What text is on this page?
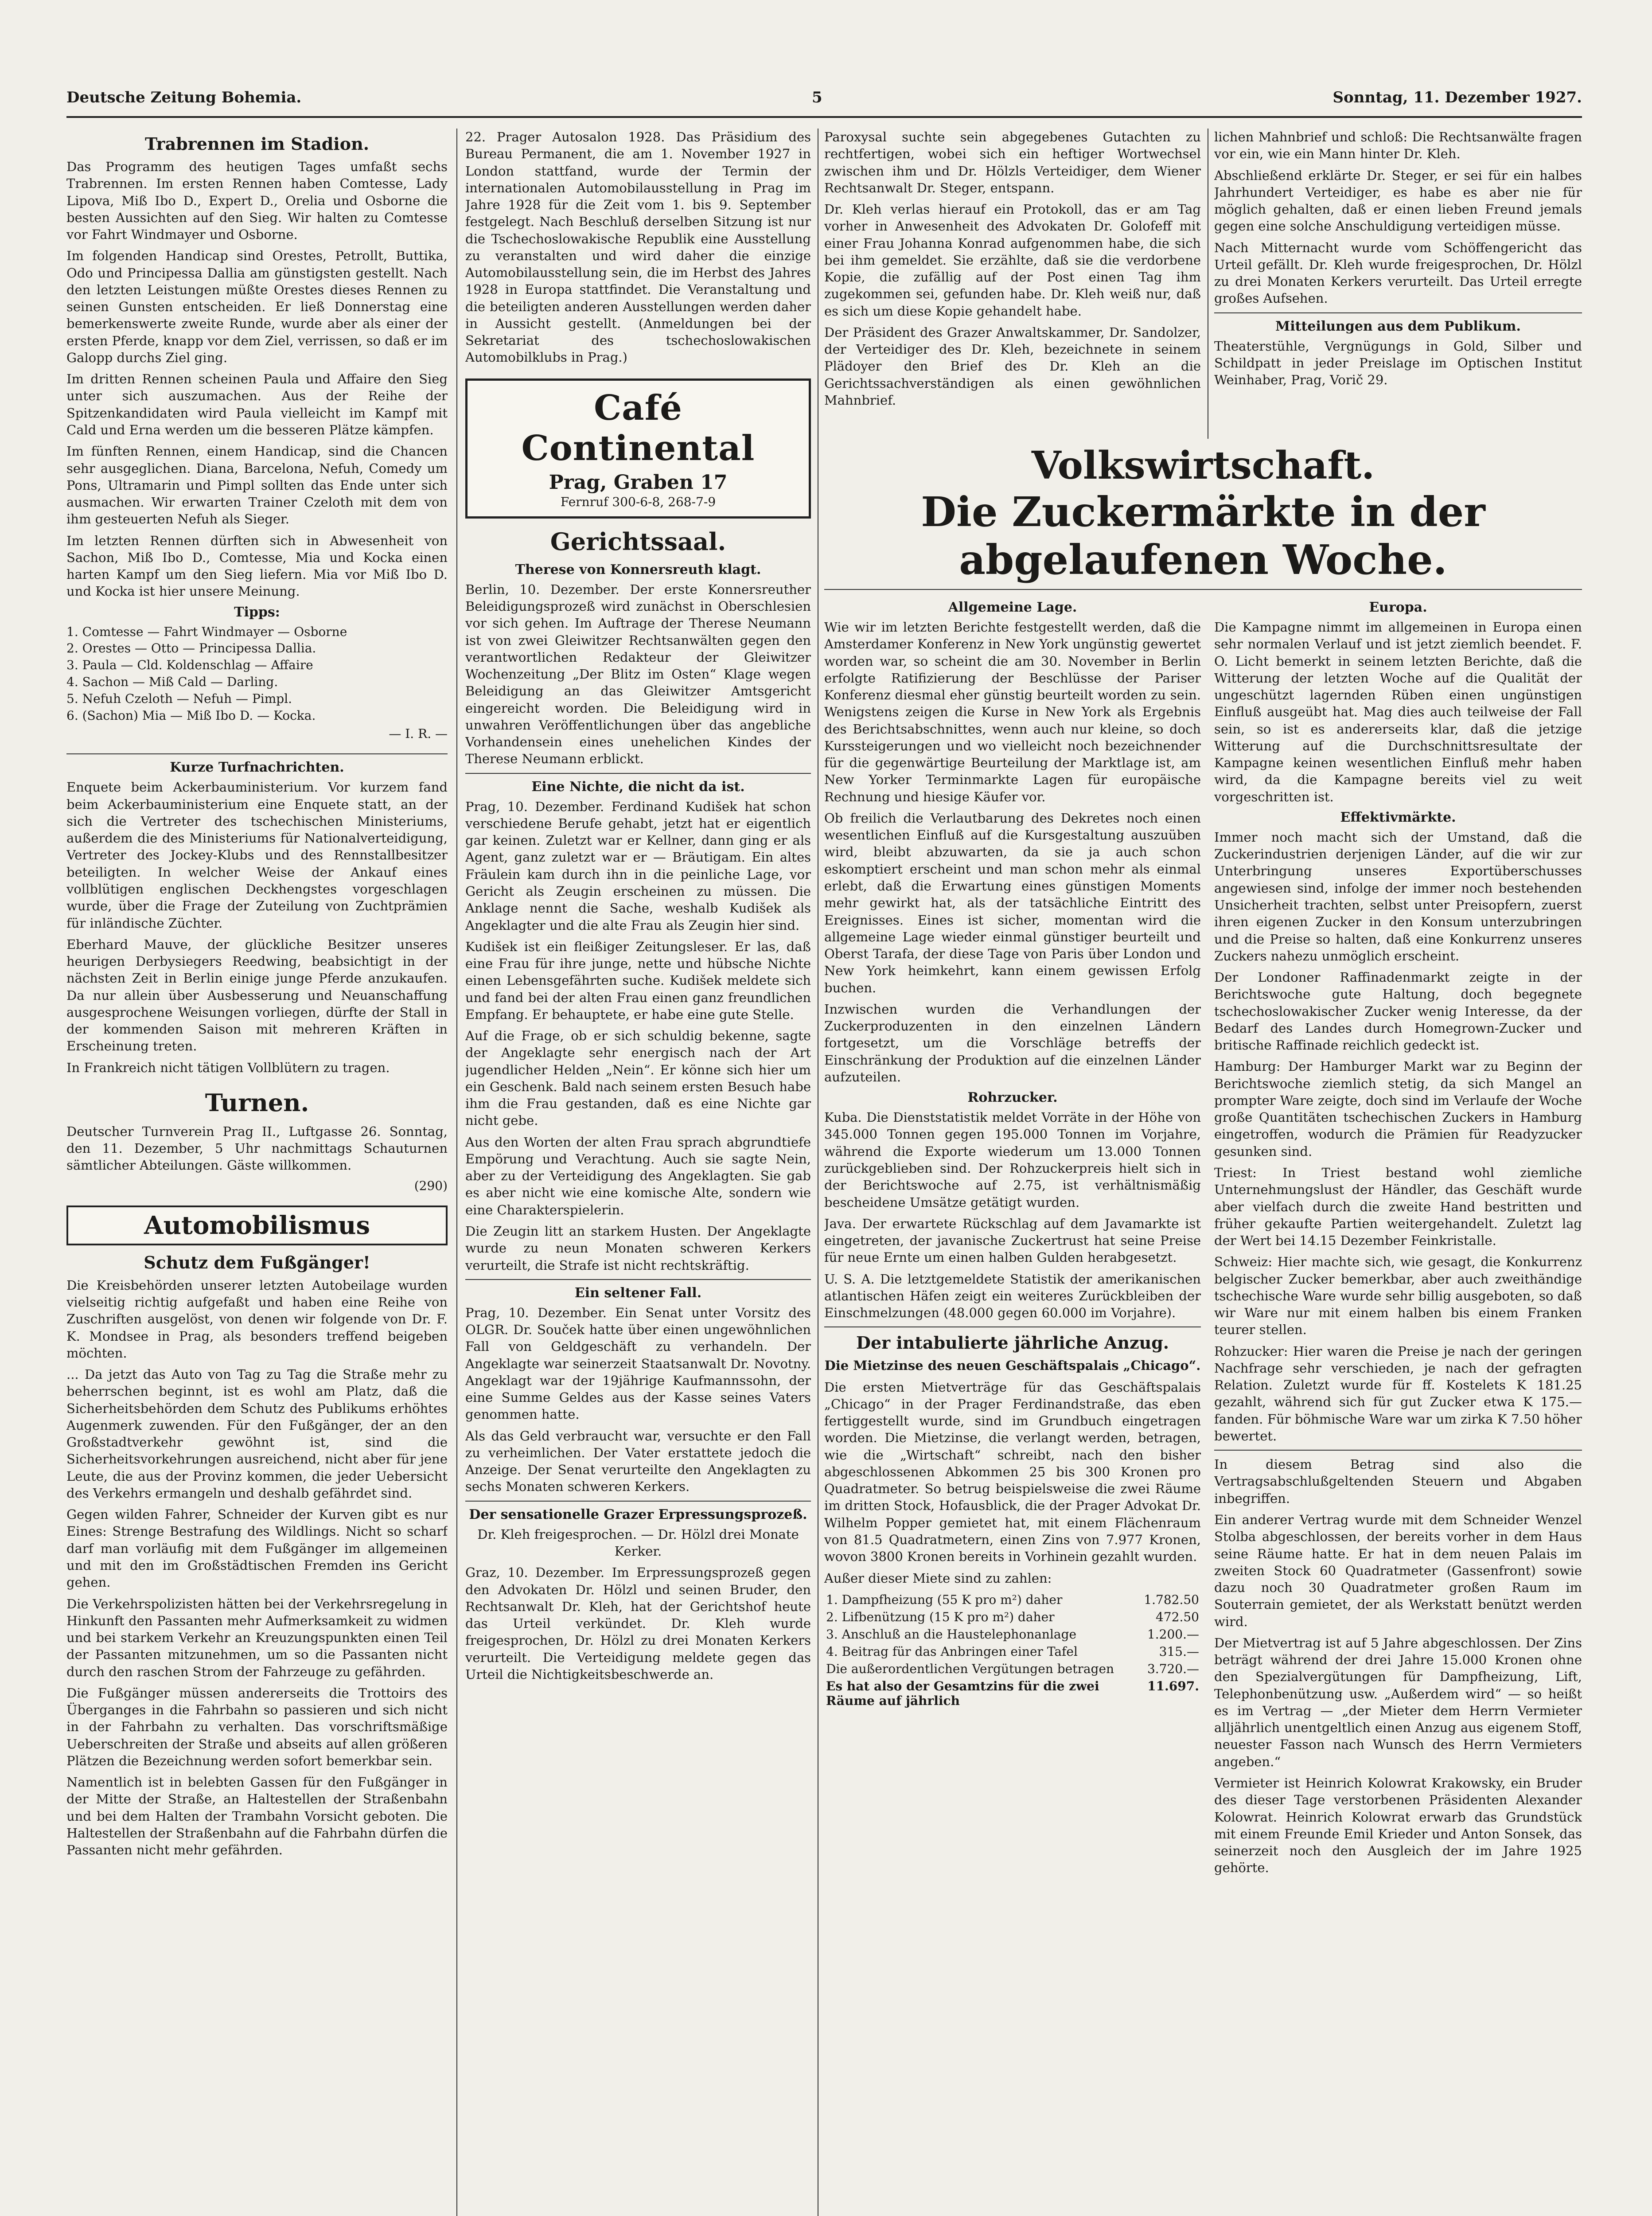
Deutsche Zeitung Bohemia.	5	Sonntag, 11. Dezember 1927.
Trabrennen im Stadion.

Das Programm des heutigen Tages umfaßt sechs Trabrennen. Im ersten Rennen haben Comtesse, Lady Lipova, Miß Ibo D., Expert D., Orelia und Osborne die besten Aussichten auf den Sieg. Wir halten zu Comtesse vor Fahrt Windmayer und Osborne.

Im folgenden Handicap sind Orestes, Petrollt, Buttika, Odo und Principessa Dallia am günstigsten gestellt. Nach den letzten Leistungen müßte Orestes dieses Rennen zu seinen Gunsten entscheiden. Er ließ Donnerstag eine bemerkenswerte zweite Runde, wurde aber als einer der ersten Pferde, knapp vor dem Ziel, verrissen, so daß er im Galopp durchs Ziel ging.

Im dritten Rennen scheinen Paula und Affaire den Sieg unter sich auszumachen. Aus der Reihe der Spitzenkandidaten wird Paula vielleicht im Kampf mit Cald und Erna werden um die besseren Plätze kämpfen.

Im fünften Rennen, einem Handicap, sind die Chancen sehr ausgeglichen. Diana, Barcelona, Nefuh, Comedy um Pons, Ultramarin und Pimpl sollten das Ende unter sich ausmachen. Wir erwarten Trainer Czeloth mit dem von ihm gesteuerten Nefuh als Sieger.

Im letzten Rennen dürften sich in Abwesenheit von Sachon, Miß Ibo D., Comtesse, Mia und Kocka einen harten Kampf um den Sieg liefern. Mia vor Miß Ibo D. und Kocka ist hier unsere Meinung.

Tipps:

1. Comtesse — Fahrt Windmayer — Osborne

2. Orestes — Otto — Principessa Dallia.

3. Paula — Cld. Koldenschlag — Affaire

4. Sachon — Miß Cald — Darling.

5. Nefuh Czeloth — Nefuh — Pimpl.

6. (Sachon) Mia — Miß Ibo D. — Kocka.

— I. R. —

Kurze Turfnachrichten.

Enquete beim Ackerbauministerium. Vor kurzem fand beim Ackerbauministerium eine Enquete statt, an der sich die Vertreter des tschechischen Ministeriums, außerdem die des Ministeriums für Nationalverteidigung, Vertreter des Jockey-Klubs und des Rennstallbesitzer beteiligten. In welcher Weise der Ankauf eines vollblütigen englischen Deckhengstes vorgeschlagen wurde, über die Frage der Zuteilung von Zuchtprämien für inländische Züchter.

Eberhard Mauve, der glückliche Besitzer unseres heurigen Derbysiegers Reedwing, beabsichtigt in der nächsten Zeit in Berlin einige junge Pferde anzukaufen. Da nur allein über Ausbesserung und Neuanschaffung ausgesprochene Weisungen vorliegen, dürfte der Stall in der kommenden Saison mit mehreren Kräften in Erscheinung treten.

In Frankreich nicht tätigen Vollblütern zu tragen.

Turnen.

Deutscher Turnverein Prag II., Luftgasse 26. Sonntag, den 11. Dezember, 5 Uhr nachmittags Schauturnen sämtlicher Abteilungen. Gäste willkommen.

(290)

Automobilismus
Schutz dem Fußgänger!

Die Kreisbehörden unserer letzten Autobeilage wurden vielseitig richtig aufgefaßt und haben eine Reihe von Zuschriften ausgelöst, von denen wir folgende von Dr. F. K. Mondsee in Prag, als besonders treffend beigeben möchten.

... Da jetzt das Auto von Tag zu Tag die Straße mehr zu beherrschen beginnt, ist es wohl am Platz, daß die Sicherheitsbehörden dem Schutz des Publikums erhöhtes Augenmerk zuwenden. Für den Fußgänger, der an den Großstadtverkehr gewöhnt ist, sind die Sicherheitsvorkehrungen ausreichend, nicht aber für jene Leute, die aus der Provinz kommen, die jeder Uebersicht des Verkehrs ermangeln und deshalb gefährdet sind.

Gegen wilden Fahrer, Schneider der Kurven gibt es nur Eines: Strenge Bestrafung des Wildlings. Nicht so scharf darf man vorläufig mit dem Fußgänger im allgemeinen und mit den im Großstädtischen Fremden ins Gericht gehen.

Die Verkehrspolizisten hätten bei der Verkehrsregelung in Hinkunft den Passanten mehr Aufmerksamkeit zu widmen und bei starkem Verkehr an Kreuzungspunkten einen Teil der Passanten mitzunehmen, um so die Passanten nicht durch den raschen Strom der Fahrzeuge zu gefährden.

Die Fußgänger müssen andererseits die Trottoirs des Überganges in die Fahrbahn so passieren und sich nicht in der Fahrbahn zu verhalten. Das vorschriftsmäßige Ueberschreiten der Straße und abseits auf allen größeren Plätzen die Bezeichnung werden sofort bemerkbar sein.

Namentlich ist in belebten Gassen für den Fußgänger in der Mitte der Straße, an Haltestellen der Straßenbahn und bei dem Halten der Trambahn Vorsicht geboten. Die Haltestellen der Straßenbahn auf die Fahrbahn dürfen die Passanten nicht mehr gefährden.

22. Prager Autosalon 1928. Das Präsidium des Bureau Permanent, die am 1. November 1927 in London stattfand, wurde der Termin der internationalen Automobilausstellung in Prag im Jahre 1928 für die Zeit vom 1. bis 9. September festgelegt. Nach Beschluß derselben Sitzung ist nur die Tschechoslowakische Republik eine Ausstellung zu veranstalten und wird daher die einzige Automobilausstellung sein, die im Herbst des Jahres 1928 in Europa stattfindet. Die Veranstaltung und die beteiligten anderen Ausstellungen werden daher in Aussicht gestellt. (Anmeldungen bei der Sekretariat des tschechoslowakischen Automobilklubs in Prag.)

Café Continental

Prag, Graben 17

Fernruf 300-6-8, 268-7-9

Gerichtssaal.
Therese von Konnersreuth klagt.

Berlin, 10. Dezember. Der erste Konnersreuther Beleidigungsprozeß wird zunächst in Oberschlesien vor sich gehen. Im Auftrage der Therese Neumann ist von zwei Gleiwitzer Rechtsanwälten gegen den verantwortlichen Redakteur der Gleiwitzer Wochenzeitung „Der Blitz im Osten“ Klage wegen Beleidigung an das Gleiwitzer Amtsgericht eingereicht worden. Die Beleidigung wird in unwahren Veröffentlichungen über das angebliche Vorhandensein eines unehelichen Kindes der Therese Neumann erblickt.

Eine Nichte, die nicht da ist.

Prag, 10. Dezember. Ferdinand Kudišek hat schon verschiedene Berufe gehabt, jetzt hat er eigentlich gar keinen. Zuletzt war er Kellner, dann ging er als Agent, ganz zuletzt war er — Bräutigam. Ein altes Fräulein kam durch ihn in die peinliche Lage, vor Gericht als Zeugin erscheinen zu müssen. Die Anklage nennt die Sache, weshalb Kudišek als Angeklagter und die alte Frau als Zeugin hier sind.

Kudišek ist ein fleißiger Zeitungsleser. Er las, daß eine Frau für ihre junge, nette und hübsche Nichte einen Lebensgefährten suche. Kudišek meldete sich und fand bei der alten Frau einen ganz freundlichen Empfang. Er behauptete, er habe eine gute Stelle.

Auf die Frage, ob er sich schuldig bekenne, sagte der Angeklagte sehr energisch nach der Art jugendlicher Helden „Nein“. Er könne sich hier um ein Geschenk. Bald nach seinem ersten Besuch habe ihm die Frau gestanden, daß es eine Nichte gar nicht gebe.

Aus den Worten der alten Frau sprach abgrundtiefe Empörung und Verachtung. Auch sie sagte Nein, aber zu der Verteidigung des Angeklagten. Sie gab es aber nicht wie eine komische Alte, sondern wie eine Charakterspielerin.

Die Zeugin litt an starkem Husten. Der Angeklagte wurde zu neun Monaten schweren Kerkers verurteilt, die Strafe ist nicht rechtskräftig.

Ein seltener Fall.

Prag, 10. Dezember. Ein Senat unter Vorsitz des OLGR. Dr. Souček hatte über einen ungewöhnlichen Fall von Geldgeschäft zu verhandeln. Der Angeklagte war seinerzeit Staatsanwalt Dr. Novotny. Angeklagt war der 19jährige Kaufmannssohn, der eine Summe Geldes aus der Kasse seines Vaters genommen hatte.

Als das Geld verbraucht war, versuchte er den Fall zu verheimlichen. Der Vater erstattete jedoch die Anzeige. Der Senat verurteilte den Angeklagten zu sechs Monaten schweren Kerkers.

Der sensationelle Grazer Erpressungsprozeß.

Dr. Kleh freigesprochen. — Dr. Hölzl drei Monate Kerker.

Graz, 10. Dezember. Im Erpressungsprozeß gegen den Advokaten Dr. Hölzl und seinen Bruder, den Rechtsanwalt Dr. Kleh, hat der Gerichtshof heute das Urteil verkündet. Dr. Kleh wurde freigesprochen, Dr. Hölzl zu drei Monaten Kerkers verurteilt. Die Verteidigung meldete gegen das Urteil die Nichtigkeitsbeschwerde an.

Paroxysal suchte sein abgegebenes Gutachten zu rechtfertigen, wobei sich ein heftiger Wortwechsel zwischen ihm und Dr. Hölzls Verteidiger, dem Wiener Rechtsanwalt Dr. Steger, entspann.

Dr. Kleh verlas hierauf ein Protokoll, das er am Tag vorher in Anwesenheit des Advokaten Dr. Golofeff mit einer Frau Johanna Konrad aufgenommen habe, die sich bei ihm gemeldet. Sie erzählte, daß sie die verdorbene Kopie, die zufällig auf der Post einen Tag ihm zugekommen sei, gefunden habe. Dr. Kleh weiß nur, daß es sich um diese Kopie gehandelt habe.

Der Präsident des Grazer Anwaltskammer, Dr. Sandolzer, der Verteidiger des Dr. Kleh, bezeichnete in seinem Plädoyer den Brief des Dr. Kleh an die Gerichtssachverständigen als einen gewöhnlichen Mahnbrief.

lichen Mahnbrief und schloß: Die Rechtsanwälte fragen vor ein, wie ein Mann hinter Dr. Kleh.

Abschließend erklärte Dr. Steger, er sei für ein halbes Jahrhundert Verteidiger, es habe es aber nie für möglich gehalten, daß er einen lieben Freund jemals gegen eine solche Anschuldigung verteidigen müsse.

Nach Mitternacht wurde vom Schöffengericht das Urteil gefällt. Dr. Kleh wurde freigesprochen, Dr. Hölzl zu drei Monaten Kerkers verurteilt. Das Urteil erregte großes Aufsehen.

Mitteilungen aus dem Publikum.

Theaterstühle, Vergnügungs in Gold, Silber und Schildpatt in jeder Preislage im Optischen Institut Weinhaber, Prag, Vorič 29.

Volkswirtschaft.

Die Zuckermärkte in der abgelaufenen Woche.

Allgemeine Lage.

Wie wir im letzten Berichte festgestellt werden, daß die Amsterdamer Konferenz in New York ungünstig gewertet worden war, so scheint die am 30. November in Berlin erfolgte Ratifizierung der Beschlüsse der Pariser Konferenz diesmal eher günstig beurteilt worden zu sein. Wenigstens zeigen die Kurse in New York als Ergebnis des Berichtsabschnittes, wenn auch nur kleine, so doch Kurssteigerungen und wo vielleicht noch bezeichnender für die gegenwärtige Beurteilung der Marktlage ist, am New Yorker Terminmarkte Lagen für europäische Rechnung und hiesige Käufer vor.

Ob freilich die Verlautbarung des Dekretes noch einen wesentlichen Einfluß auf die Kursgestaltung auszuüben wird, bleibt abzuwarten, da sie ja auch schon eskomptiert erscheint und man schon mehr als einmal erlebt, daß die Erwartung eines günstigen Moments mehr gewirkt hat, als der tatsächliche Eintritt des Ereignisses. Eines ist sicher, momentan wird die allgemeine Lage wieder einmal günstiger beurteilt und Oberst Tarafa, der diese Tage von Paris über London und New York heimkehrt, kann einem gewissen Erfolg buchen.

Inzwischen wurden die Verhandlungen der Zuckerproduzenten in den einzelnen Ländern fortgesetzt, um die Vorschläge betreffs der Einschränkung der Produktion auf die einzelnen Länder aufzuteilen.

Rohrzucker.

Kuba. Die Dienststatistik meldet Vorräte in der Höhe von 345.000 Tonnen gegen 195.000 Tonnen im Vorjahre, während die Exporte wiederum um 13.000 Tonnen zurückgeblieben sind. Der Rohzuckerpreis hielt sich in der Berichtswoche auf 2.75, ist verhältnismäßig bescheidene Umsätze getätigt wurden.

Java. Der erwartete Rückschlag auf dem Javamarkte ist eingetreten, der javanische Zuckertrust hat seine Preise für neue Ernte um einen halben Gulden herabgesetzt.

U. S. A. Die letztgemeldete Statistik der amerikanischen atlantischen Häfen zeigt ein weiteres Zurückbleiben der Einschmelzungen (48.000 gegen 60.000 im Vorjahre).

Der intabulierte jährliche Anzug.

Die Mietzinse des neuen Geschäftspalais „Chicago“.

Die ersten Mietverträge für das Geschäftspalais „Chicago“ in der Prager Ferdinandstraße, das eben fertiggestellt wurde, sind im Grundbuch eingetragen worden. Die Mietzinse, die verlangt werden, betragen, wie die „Wirtschaft“ schreibt, nach den bisher abgeschlossenen Abkommen 25 bis 300 Kronen pro Quadratmeter. So betrug beispielsweise die zwei Räume im dritten Stock, Hofausblick, die der Prager Advokat Dr. Wilhelm Popper gemietet hat, mit einem Flächenraum von 81.5 Quadratmetern, einen Zins von 7.977 Kronen, wovon 3800 Kronen bereits in Vorhinein gezahlt wurden.

Außer dieser Miete sind zu zahlen:

1. Dampfheizung (55 K pro m²) daher	1.782.50
2. Lifbenützung (15 K pro m²) daher	472.50
3. Anschluß an die Haustelephonanlage	1.200.—
4. Beitrag für das Anbringen einer Tafel	315.—
Die außerordentlichen Vergütungen betragen	3.720.—
Es hat also der Gesamtzins für die zwei Räume auf jährlich	11.697.
Europa.

Die Kampagne nimmt im allgemeinen in Europa einen sehr normalen Verlauf und ist jetzt ziemlich beendet. F. O. Licht bemerkt in seinem letzten Berichte, daß die Witterung der letzten Woche auf die Qualität der ungeschützt lagernden Rüben einen ungünstigen Einfluß ausgeübt hat. Mag dies auch teilweise der Fall sein, so ist es andererseits klar, daß die jetzige Witterung auf die Durchschnittsresultate der Kampagne keinen wesentlichen Einfluß mehr haben wird, da die Kampagne bereits viel zu weit vorgeschritten ist.

Effektivmärkte.

Immer noch macht sich der Umstand, daß die Zuckerindustrien derjenigen Länder, auf die wir zur Unterbringung unseres Exportüberschusses angewiesen sind, infolge der immer noch bestehenden Unsicherheit trachten, selbst unter Preisopfern, zuerst ihren eigenen Zucker in den Konsum unterzubringen und die Preise so halten, daß eine Konkurrenz unseres Zuckers nahezu unmöglich erscheint.

Der Londoner Raffinadenmarkt zeigte in der Berichtswoche gute Haltung, doch begegnete tschechoslowakischer Zucker wenig Interesse, da der Bedarf des Landes durch Homegrown-Zucker und britische Raffinade reichlich gedeckt ist.

Hamburg: Der Hamburger Markt war zu Beginn der Berichtswoche ziemlich stetig, da sich Mangel an prompter Ware zeigte, doch sind im Verlaufe der Woche große Quantitäten tschechischen Zuckers in Hamburg eingetroffen, wodurch die Prämien für Readyzucker gesunken sind.

Triest: In Triest bestand wohl ziemliche Unternehmungslust der Händler, das Geschäft wurde aber vielfach durch die zweite Hand bestritten und früher gekaufte Partien weitergehandelt. Zuletzt lag der Wert bei 14.15 Dezember Feinkristalle.

Schweiz: Hier machte sich, wie gesagt, die Konkurrenz belgischer Zucker bemerkbar, aber auch zweithändige tschechische Ware wurde sehr billig ausgeboten, so daß wir Ware nur mit einem halben bis einem Franken teurer stellen.

Rohzucker: Hier waren die Preise je nach der geringen Nachfrage sehr verschieden, je nach der gefragten Relation. Zuletzt wurde für ff. Kostelets K 181.25 gezahlt, während sich für gut Zucker etwa K 175.— fanden. Für böhmische Ware war um zirka K 7.50 höher bewertet.

In diesem Betrag sind also die Vertragsabschlußgeltenden Steuern und Abgaben inbegriffen.

Ein anderer Vertrag wurde mit dem Schneider Wenzel Stolba abgeschlossen, der bereits vorher in dem Haus seine Räume hatte. Er hat in dem neuen Palais im zweiten Stock 60 Quadratmeter (Gassenfront) sowie dazu noch 30 Quadratmeter großen Raum im Souterrain gemietet, der als Werkstatt benützt werden wird.

Der Mietvertrag ist auf 5 Jahre abgeschlossen. Der Zins beträgt während der drei Jahre 15.000 Kronen ohne den Spezialvergütungen für Dampfheizung, Lift, Telephonbenützung usw. „Außerdem wird“ — so heißt es im Vertrag — „der Mieter dem Herrn Vermieter alljährlich unentgeltlich einen Anzug aus eigenem Stoff, neuester Fasson nach Wunsch des Herrn Vermieters angeben.“

Vermieter ist Heinrich Kolowrat Krakowsky, ein Bruder des dieser Tage verstorbenen Präsidenten Alexander Kolowrat. Heinrich Kolowrat erwarb das Grundstück mit einem Freunde Emil Krieder und Anton Sonsek, das seinerzeit noch den Ausgleich der im Jahre 1925 gehörte.
